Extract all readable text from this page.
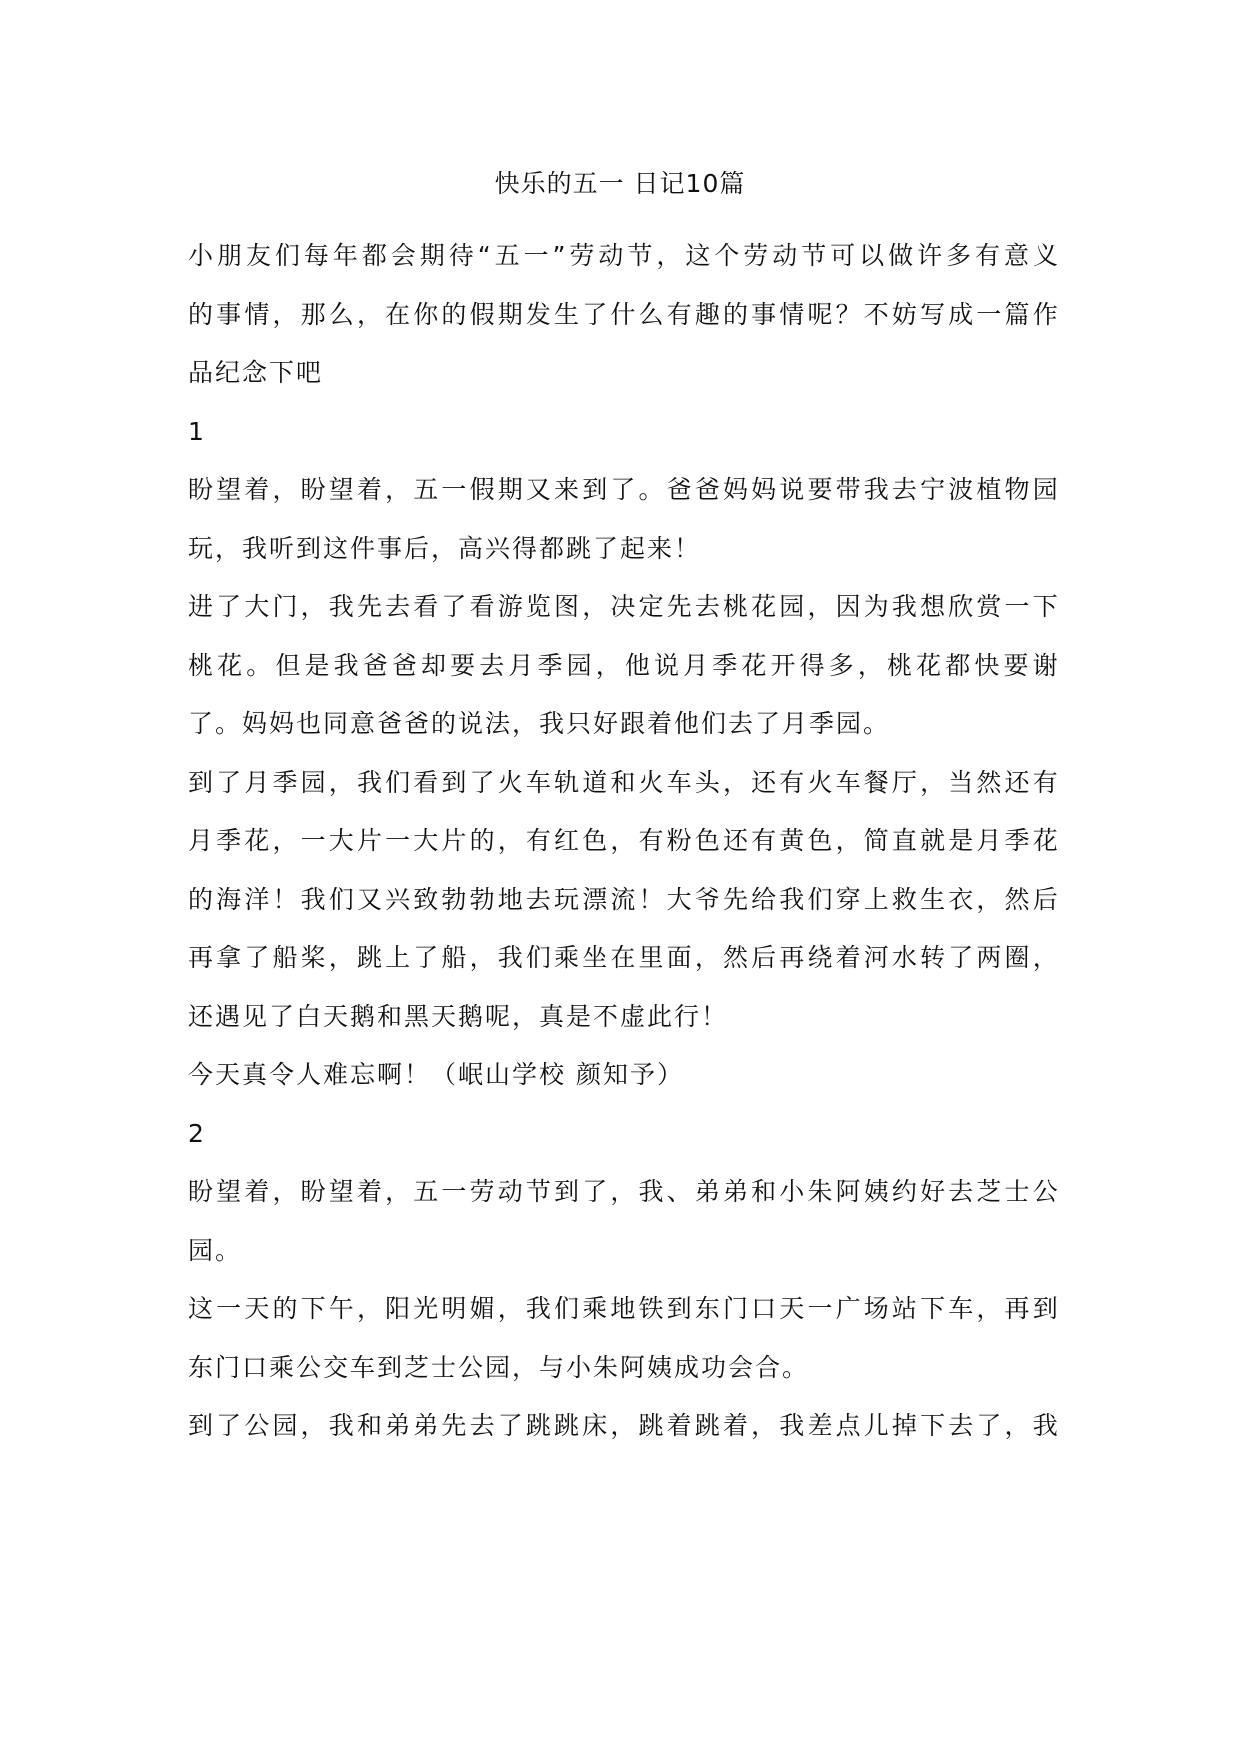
快乐的五一 日记10篇
小 朋 友 们 每 年 都 会 期 待 “ 五 一 ” 劳 动 节 ， 这 个 劳 动 节 可 以 做 许 多 有 意 义
的 事 情 ， 那 么 ， 在 你 的 假 期 发 生 了 什 么 有 趣 的 事 情 呢 ？ 不 妨 写 成 一 篇 作
品纪念下吧
1
盼 望 着 ， 盼 望 着 ， 五 一 假 期 又 来 到 了 。 爸 爸 妈 妈 说 要 带 我 去 宁 波 植 物 园
玩，我听到这件事后，高兴得都跳了起来！
进 了 大 门 ， 我 先 去 看 了 看 游 览 图 ， 决 定 先 去 桃 花 园 ， 因 为 我 想 欣 赏 一 下
桃 花 。 但 是 我 爸 爸 却 要 去 月 季 园 ， 他 说 月 季 花 开 得 多 ， 桃 花 都 快 要 谢
了。妈妈也同意爸爸的说法，我只好跟着他们去了月季园。
到 了 月 季 园 ， 我 们 看 到 了 火 车 轨 道 和 火 车 头 ， 还 有 火 车 餐 厅 ， 当 然 还 有
月 季 花 ， 一 大 片 一 大 片 的 ， 有 红 色 ， 有 粉 色 还 有 黄 色 ， 简 直 就 是 月 季 花
的 海 洋 ！ 我 们 又 兴 致 勃 勃 地 去 玩 漂 流 ！ 大 爷 先 给 我 们 穿 上 救 生 衣 ， 然 后
再 拿 了 船 桨 ， 跳 上 了 船 ， 我 们 乘 坐 在 里 面 ， 然 后 再 绕 着 河 水 转 了 两 圈 ，
还遇见了白天鹅和黑天鹅呢，真是不虚此行！
今天真令人难忘啊！（岷山学校 颜知予）
2
盼 望 着 ， 盼 望 着 ， 五 一 劳 动 节 到 了 ， 我 、 弟 弟 和 小 朱 阿 姨 约 好 去 芝 士 公
园。
这 一 天 的 下 午 ， 阳 光 明 媚 ， 我 们 乘 地 铁 到 东 门 口 天 一 广 场 站 下 车 ， 再 到
东门口乘公交车到芝士公园，与小朱阿姨成功会合。
到 了 公 园 ， 我 和 弟 弟 先 去 了 跳 跳 床 ， 跳 着 跳 着 ， 我 差 点 儿 掉 下 去 了 ， 我
